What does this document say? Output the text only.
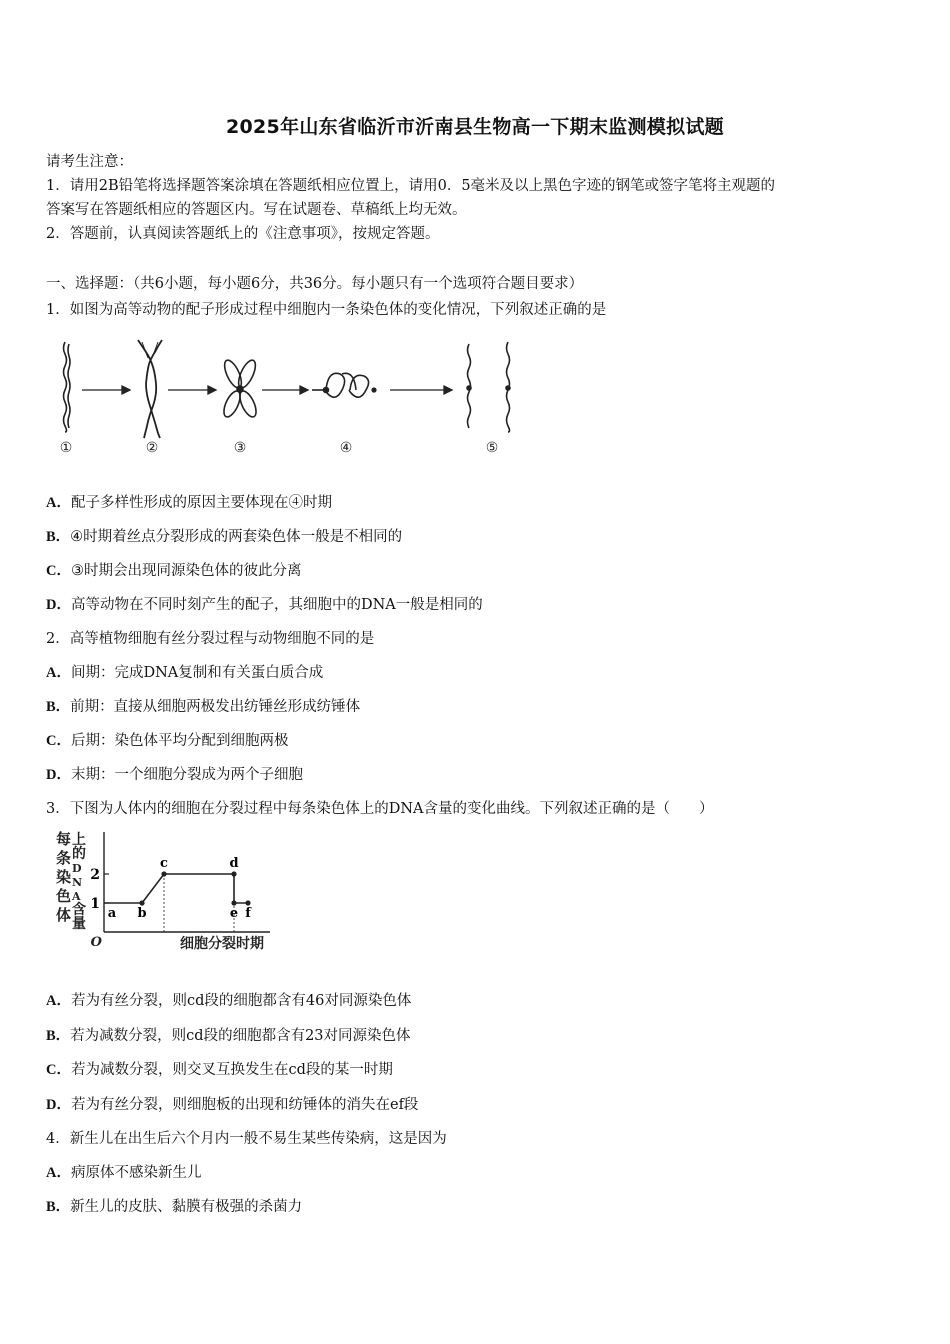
2025年山东省临沂市沂南县生物高一下期末监测模拟试题
请考生注意：
1．请用2B铅笔将选择题答案涂填在答题纸相应位置上，请用0．5毫米及以上黑色字迹的钢笔或签字笔将主观题的
答案写在答题纸相应的答题区内。写在试题卷、草稿纸上均无效。
2．答题前，认真阅读答题纸上的《注意事项》，按规定答题。
一、选择题：（共6小题，每小题6分，共36分。每小题只有一个选项符合题目要求）
1．如图为高等动物的配子形成过程中细胞内一条染色体的变化情况，下列叙述正确的是
①	②	③	④	⑤
A．配子多样性形成的原因主要体现在④时期
B．④时期着丝点分裂形成的两套染色体一般是不相同的
C．③时期会出现同源染色体的彼此分离
D．高等动物在不同时刻产生的配子，其细胞中的DNA一般是相同的
2．高等植物细胞有丝分裂过程与动物细胞不同的是
A．间期：完成DNA复制和有关蛋白质合成
B．前期：直接从细胞两极发出纺锤丝形成纺锤体
C．后期：染色体平均分配到细胞两极
D．末期：一个细胞分裂成为两个子细胞
3．下图为人体内的细胞在分裂过程中每条染色体上的DNA含量的变化曲线。下列叙述正确的是（　　）
每
条
染
色
体
上
的
D
N
A
含
量
O	细胞分裂时期
1
2
a b
c	d
e f
A．若为有丝分裂，则cd段的细胞都含有46对同源染色体
B．若为减数分裂，则cd段的细胞都含有23对同源染色体
C．若为减数分裂，则交叉互换发生在cd段的某一时期
D．若为有丝分裂，则细胞板的出现和纺锤体的消失在ef段
4．新生儿在出生后六个月内一般不易生某些传染病，这是因为
A．病原体不感染新生儿
B．新生儿的皮肤、黏膜有极强的杀菌力
